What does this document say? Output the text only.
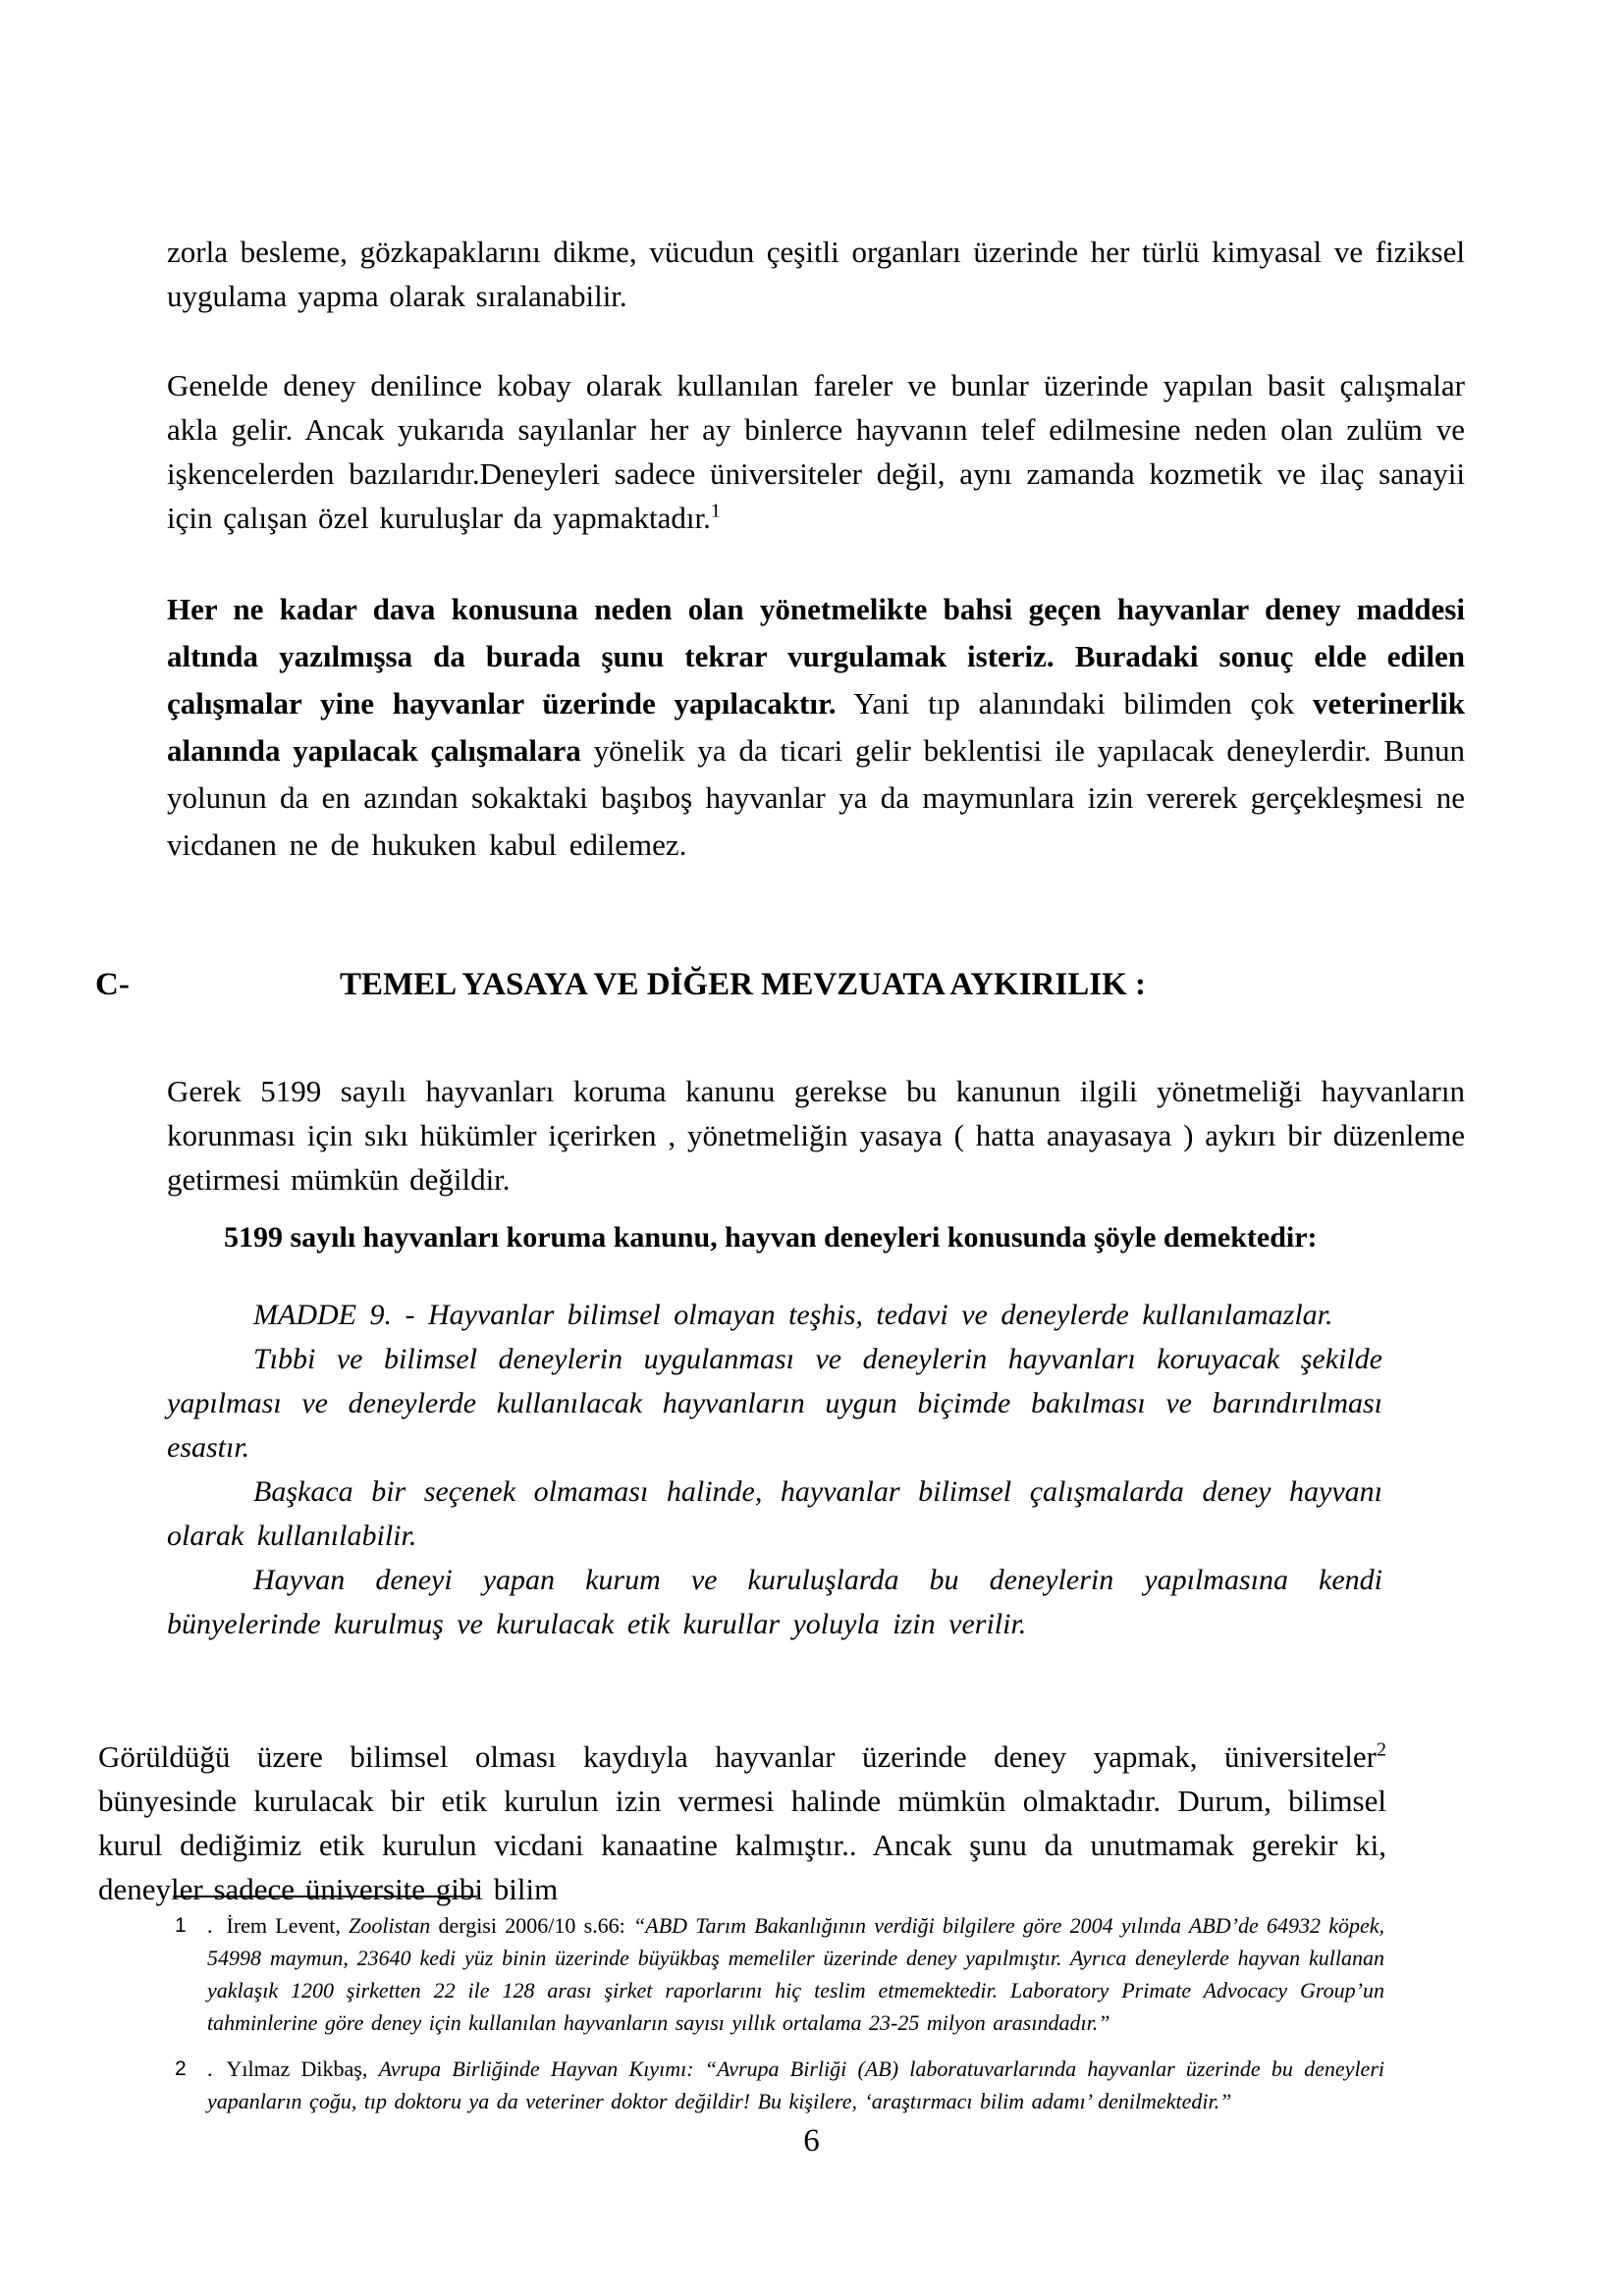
zorla besleme, gözkapaklarını dikme, vücudun çeşitli organları üzerinde her türlü kimyasal ve fiziksel uygulama yapma olarak sıralanabilir.

Genelde deney denilince kobay olarak kullanılan fareler ve bunlar üzerinde yapılan basit çalışmalar akla gelir. Ancak yukarıda sayılanlar her ay binlerce hayvanın telef edilmesine neden olan zulüm ve işkencelerden bazılarıdır.Deneyleri sadece üniversiteler değil, aynı zamanda kozmetik ve ilaç sanayii için çalışan özel kuruluşlar da yapmaktadır.$^1$

Her ne kadar dava konusuna neden olan yönetmelikte bahsi geçen hayvanlar deney maddesi altında yazılmışsa da burada şunu tekrar vurgulamak isteriz. Buradaki sonuç elde edilen çalışmalar yine hayvanlar üzerinde yapılacaktır. Yani tıp alanındaki bilimden çok veterinerlik alanında yapılacak çalışmalara yönelik ya da ticari gelir beklentisi ile yapılacak deneylerdir. Bunun yolunun da en azından sokaktaki başıboş hayvanlar ya da maymunlara izin vererek gerçekleşmesi ne vicdanen ne de hukuken kabul edilemez.

C-	TEMEL YASAYA VE DİĞER MEVZUATA AYKIRILIK :

Gerek 5199 sayılı hayvanları koruma kanunu gerekse bu kanunun ilgili yönetmeliği hayvanların korunması için sıkı hükümler içerirken , yönetmeliğin yasaya ( hatta anayasaya ) aykırı bir düzenleme getirmesi mümkün değildir.

5199 sayılı hayvanları koruma kanunu, hayvan deneyleri konusunda şöyle demektedir:

MADDE 9. - Hayvanlar bilimsel olmayan teşhis, tedavi ve deneylerde kullanılamazlar.

Tıbbi ve bilimsel deneylerin uygulanması ve deneylerin hayvanları koruyacak şekilde yapılması ve deneylerde kullanılacak hayvanların uygun biçimde bakılması ve barındırılması esastır.

Başkaca bir seçenek olmaması halinde, hayvanlar bilimsel çalışmalarda deney hayvanı olarak kullanılabilir.

Hayvan deneyi yapan kurum ve kuruluşlarda bu deneylerin yapılmasına kendi bünyelerinde kurulmuş ve kurulacak etik kurullar yoluyla izin verilir.

Görüldüğü üzere bilimsel olması kaydıyla hayvanlar üzerinde deney yapmak, üniversiteler$^2$ bünyesinde kurulacak bir etik kurulun izin vermesi halinde mümkün olmaktadır. Durum, bilimsel kurul dediğimiz etik kurulun vicdani kanaatine kalmıştır.. Ancak şunu da unutmamak gerekir ki, deneyler sadece üniversite gibi bilim

1 . İrem Levent, Zoolistan dergisi 2006/10 s.66: “ABD Tarım Bakanlığının verdiği bilgilere göre 2004 yılında ABD’de 64932 köpek, 54998 maymun, 23640 kedi yüz binin üzerinde büyükbaş memeliler üzerinde deney yapılmıştır. Ayrıca deneylerde hayvan kullanan yaklaşık 1200 şirketten 22 ile 128 arası şirket raporlarını hiç teslim etmemektedir. Laboratory Primate Advocacy Group’un tahminlerine göre deney için kullanılan hayvanların sayısı yıllık ortalama 23-25 milyon arasındadır.”
2 . Yılmaz Dikbaş, Avrupa Birliğinde Hayvan Kıyımı: “Avrupa Birliği (AB) laboratuvarlarında hayvanlar üzerinde bu deneyleri yapanların çoğu, tıp doktoru ya da veteriner doktor değildir! Bu kişilere, ‘araştırmacı bilim adamı’ denilmektedir.”
6
